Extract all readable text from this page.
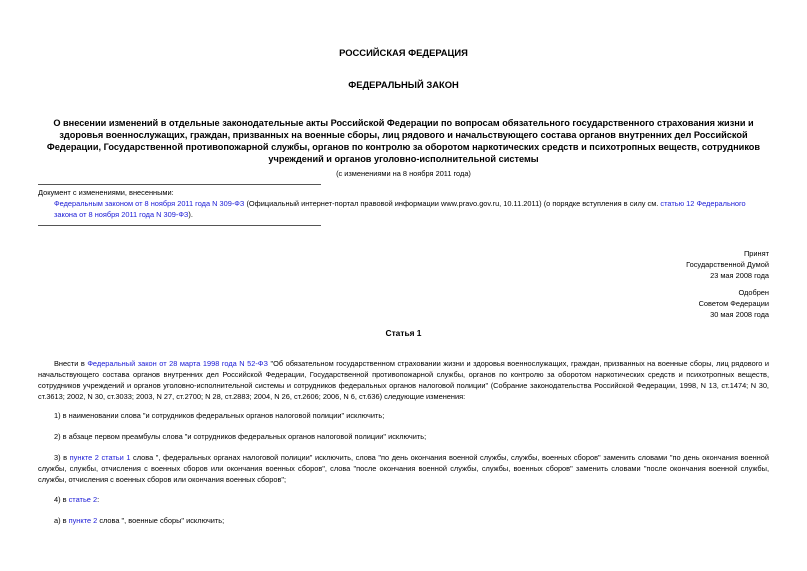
РОССИЙСКАЯ ФЕДЕРАЦИЯ
ФЕДЕРАЛЬНЫЙ ЗАКОН
О внесении изменений в отдельные законодательные акты Российской Федерации по вопросам обязательного государственного страхования жизни и здоровья военнослужащих, граждан, призванных на военные сборы, лиц рядового и начальствующего состава органов внутренних дел Российской Федерации, Государственной противопожарной службы, органов по контролю за оборотом наркотических средств и психотропных веществ, сотрудников учреждений и органов уголовно-исполнительной системы
(с изменениями на 8 ноября 2011 года)
Документ с изменениями, внесенными:
Федеральным законом от 8 ноября 2011 года N 309-ФЗ (Официальный интернет-портал правовой информации www.pravo.gov.ru, 10.11.2011) (о порядке вступления в силу см. статью 12 Федерального закона от 8 ноября 2011 года N 309-ФЗ).
Принят
Государственной Думой
23 мая 2008 года
Одобрен
Советом Федерации
30 мая 2008 года
Статья 1
Внести в Федеральный закон от 28 марта 1998 года N 52-ФЗ "Об обязательном государственном страховании жизни и здоровья военнослужащих, граждан, призванных на военные сборы, лиц рядового и начальствующего состава органов внутренних дел Российской Федерации, Государственной противопожарной службы, органов по контролю за оборотом наркотических средств и психотропных веществ, сотрудников учреждений и органов уголовно-исполнительной системы и сотрудников федеральных органов налоговой полиции" (Собрание законодательства Российской Федерации, 1998, N 13, ст.1474; N 30, ст.3613; 2002, N 30, ст.3033; 2003, N 27, ст.2700; N 28, ст.2883; 2004, N 26, ст.2606; 2006, N 6, ст.636) следующие изменения:
1) в наименовании слова "и сотрудников федеральных органов налоговой полиции" исключить;
2) в абзаце первом преамбулы слова "и сотрудников федеральных органов налоговой полиции" исключить;
3) в пункте 2 статьи 1 слова ", федеральных органах налоговой полиции" исключить, слова "по день окончания военной службы, службы, военных сборов" заменить словами "по день окончания военной службы, службы, отчисления с военных сборов или окончания военных сборов", слова "после окончания военной службы, службы, военных сборов" заменить словами "после окончания военной службы, службы, отчисления с военных сборов или окончания военных сборов";
4) в статье 2:
а) в пункте 2 слова ", военные сборы" исключить;
